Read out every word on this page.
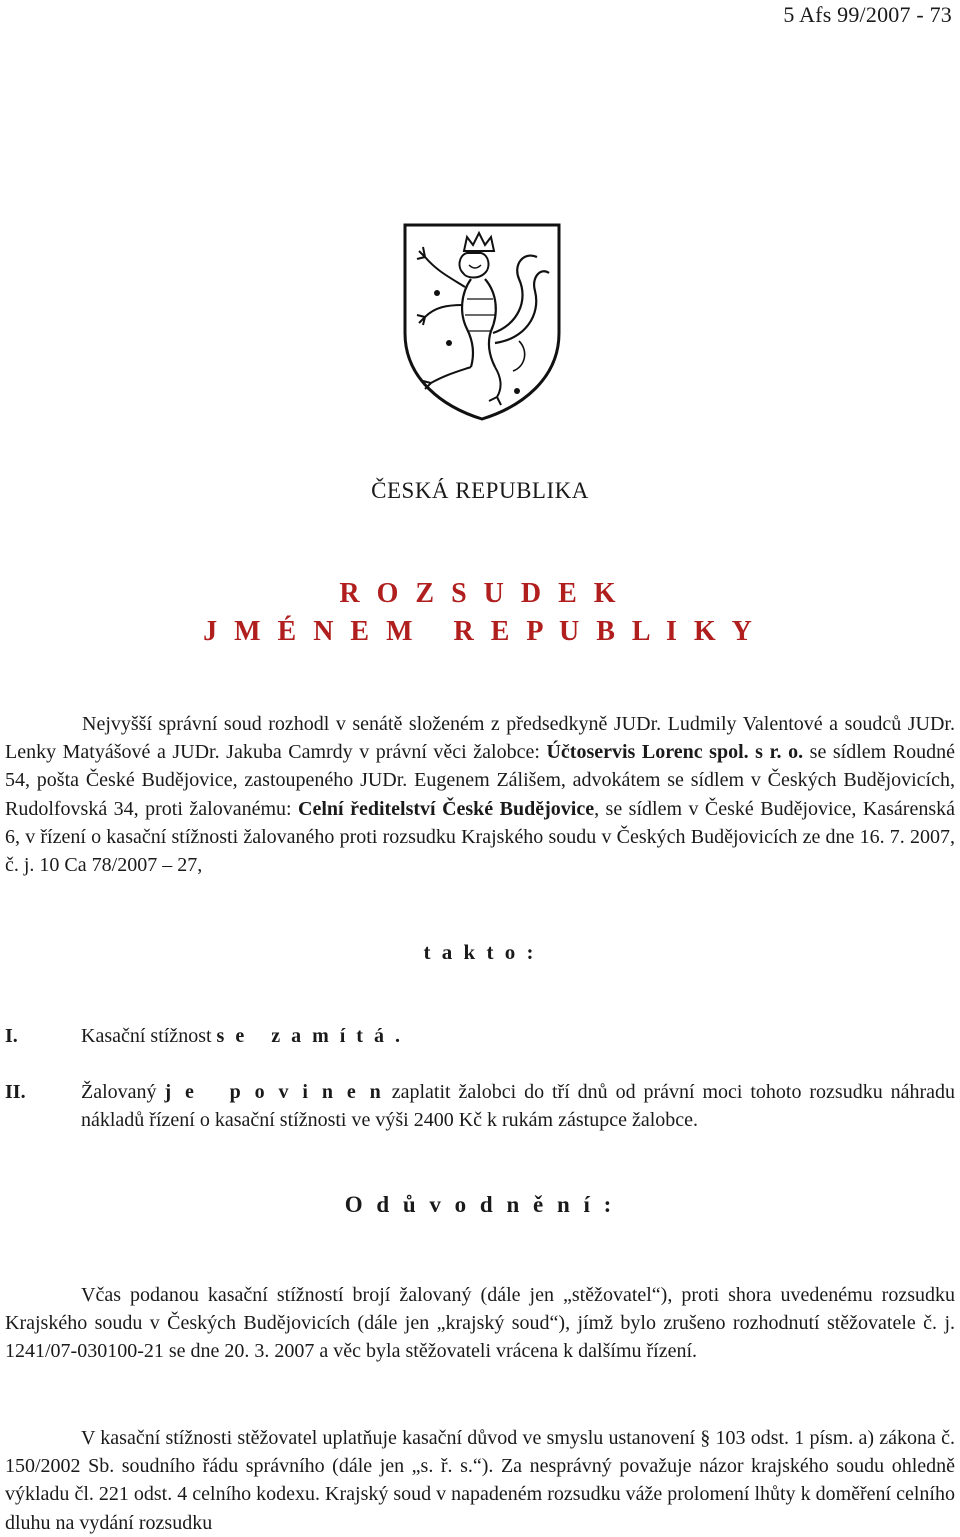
5 Afs 99/2007 - 73
ČESKÁ REPUBLIKA
R O Z S U D E K
J M É N E M   R E P U B L I K Y
Nejvyšší správní soud rozhodl v senátě složeném z předsedkyně JUDr. Ludmily Valentové a soudců JUDr. Lenky Matyášové a JUDr. Jakuba Camrdy v právní věci žalobce: Účtoservis Lorenc spol. s r. o. se sídlem Roudné 54, pošta České Budějovice, zastoupeného JUDr. Eugenem Zálišem, advokátem se sídlem v Českých Budějovicích, Rudolfovská 34, proti žalovanému: Celní ředitelství České Budějovice, se sídlem v České Budějovice, Kasárenská 6, v řízení o kasační stížnosti žalovaného proti rozsudku Krajského soudu v Českých Budějovicích ze dne 16. 7. 2007, č. j. 10 Ca 78/2007 – 27,
t a k t o :
I.	Kasační stížnost s e   z a m í t á .
II.	Žalovaný j e   p o v i n e n zaplatit žalobci do tří dnů od právní moci tohoto rozsudku náhradu nákladů řízení o kasační stížnosti ve výši 2400 Kč k rukám zástupce žalobce.
O d ů v o d n ě n í :
Včas podanou kasační stížností brojí žalovaný (dále jen „stěžovatel“), proti shora uvedenému rozsudku Krajského soudu v Českých Budějovicích (dále jen „krajský soud“), jímž bylo zrušeno rozhodnutí stěžovatele č. j. 1241/07-030100-21 se dne 20. 3. 2007 a věc byla stěžovateli vrácena k dalšímu řízení.
V kasační stížnosti stěžovatel uplatňuje kasační důvod ve smyslu ustanovení § 103 odst. 1 písm. a) zákona č. 150/2002 Sb. soudního řádu správního (dále jen „s. ř. s.“). Za nesprávný považuje názor krajského soudu ohledně výkladu čl. 221 odst. 4 celního kodexu. Krajský soud v napadeném rozsudku váže prolomení lhůty k doměření celního dluhu na vydání rozsudku
